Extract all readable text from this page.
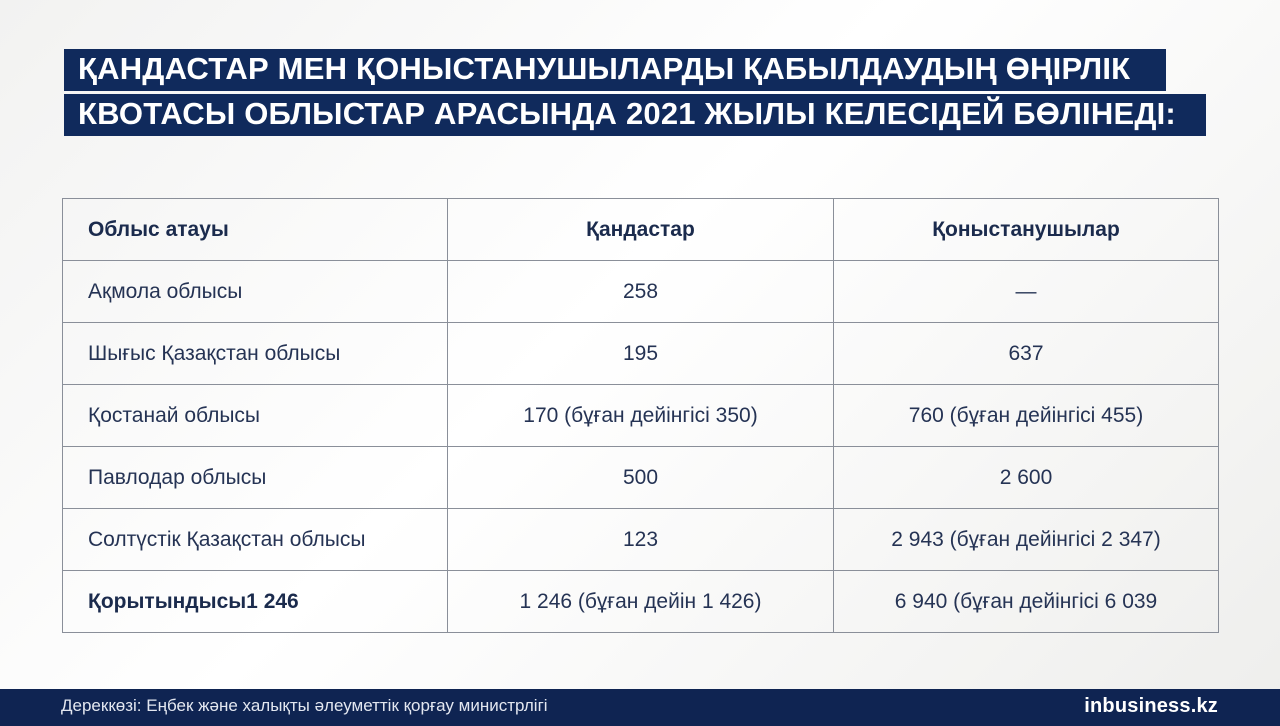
ҚАНДАСТАР МЕН ҚОНЫСТАНУШЫЛАРДЫ ҚАБЫЛДАУДЫҢ ӨҢІРЛІК
КВОТАСЫ ОБЛЫСТАР АРАСЫНДА 2021 ЖЫЛЫ КЕЛЕСІДЕЙ БӨЛІНЕДІ:
Облыс атауы	Қандастар	Қоныстанушылар
Ақмола облысы	258	—
Шығыс Қазақстан облысы	195	637
Қостанай облысы	170 (бұған дейінгісі 350)	760 (бұған дейінгісі 455)
Павлодар облысы	500	2 600
Солтүстік Қазақстан облысы	123	2 943 (бұған дейінгісі 2 347)
Қорытындысы1 246	1 246 (бұған дейін 1 426)	6 940 (бұған дейінгісі 6 039
Дереккөзі: Еңбек және халықты әлеуметтік қорғау министрлігі	inbusiness.kz
